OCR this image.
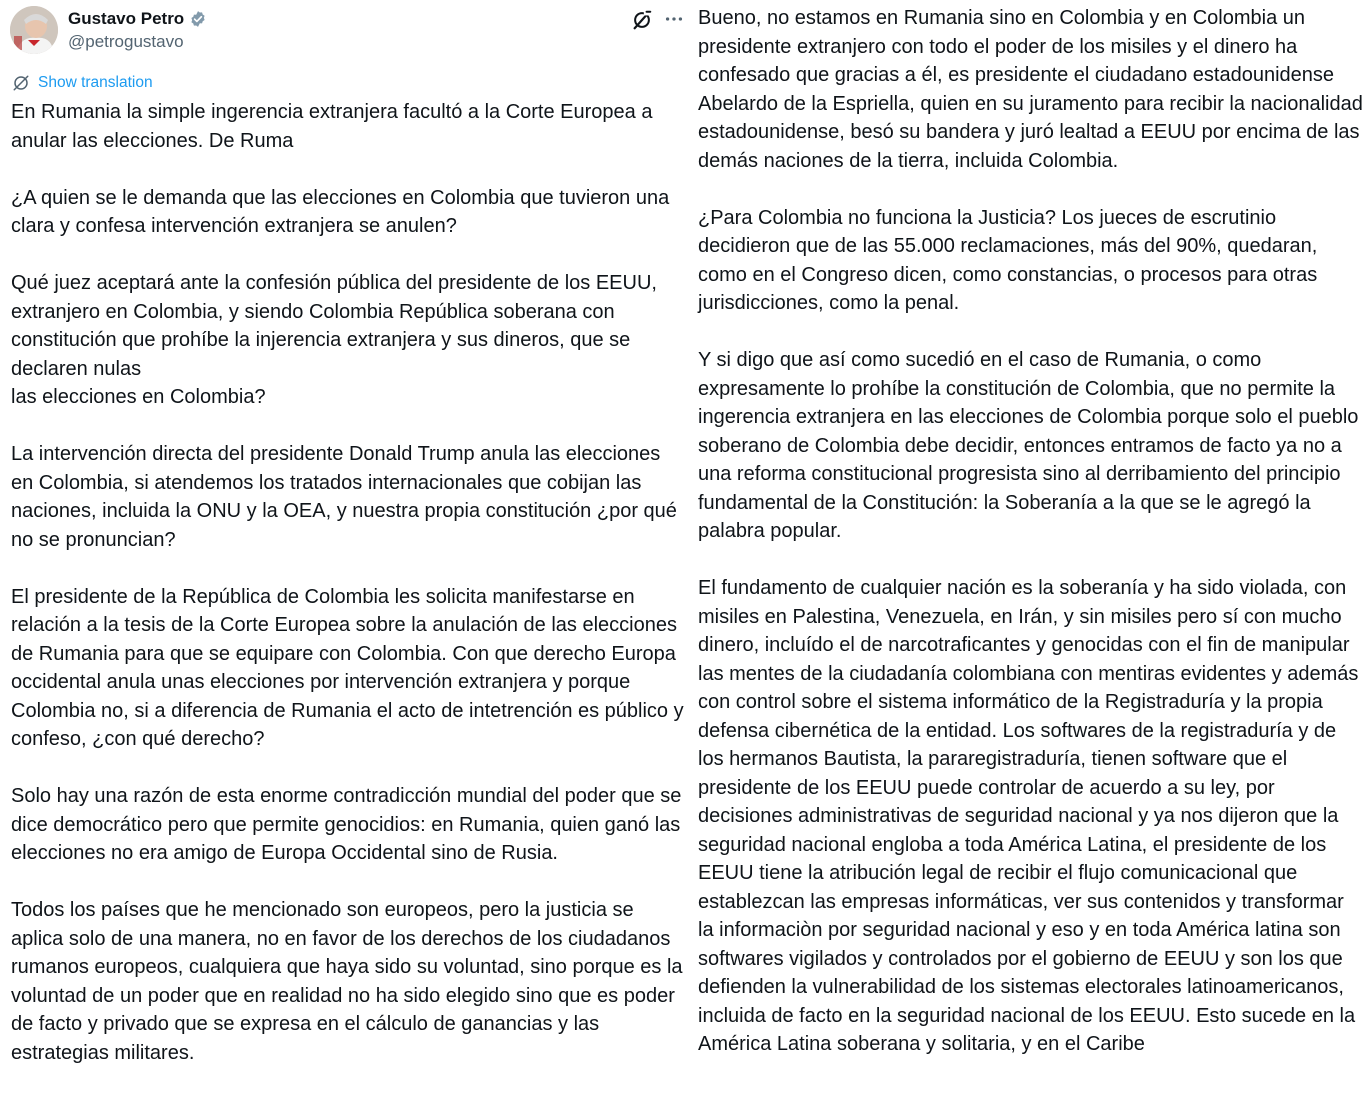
Gustavo Petro
@petrogustavo
Show translation

En Rumania la simple ingerencia extranjera facultó a la Corte Europea a anular las elecciones. De Ruma

¿A quien se le demanda que las elecciones en Colombia que tuvieron una clara y confesa intervención extranjera se anulen?

Qué juez aceptará ante la confesión pública del presidente de los EEUU, extranjero en Colombia, y siendo Colombia República soberana con constitución que prohíbe la injerencia extranjera y sus dineros, que se declaren nulas
las elecciones en Colombia?

La intervención directa del presidente Donald Trump anula las elecciones en Colombia, si atendemos los tratados internacionales que cobijan las naciones, incluida la ONU y la OEA, y nuestra propia constitución ¿por qué no se pronuncian?

El presidente de la República de Colombia les solicita manifestarse en relación a la tesis de la Corte Europea sobre la anulación de las elecciones de Rumania para que se equipare con Colombia. Con que derecho Europa occidental anula unas elecciones por intervención extranjera y porque Colombia no, si a diferencia de Rumania el acto de intetrención es público y confeso, ¿con qué derecho?

Solo hay una razón de esta enorme contradicción mundial del poder que se dice democrático pero que permite genocidios: en Rumania, quien ganó las elecciones no era amigo de Europa Occidental sino de Rusia.

Todos los países que he mencionado son europeos, pero la justicia se aplica solo de una manera, no en favor de los derechos de los ciudadanos rumanos europeos, cualquiera que haya sido su voluntad, sino porque es la voluntad de un poder que en realidad no ha sido elegido sino que es poder de facto y privado que se expresa en el cálculo de ganancias y las estrategias militares.

Bueno, no estamos en Rumania sino en Colombia y en Colombia un presidente extranjero con todo el poder de los misiles y el dinero ha confesado que gracias a él, es presidente el ciudadano estadounidense Abelardo de la Espriella, quien en su juramento para recibir la nacionalidad estadounidense, besó su bandera y juró lealtad a EEUU por encima de las demás naciones de la tierra, incluida Colombia.

¿Para Colombia no funciona la Justicia? Los jueces de escrutinio decidieron que de las 55.000 reclamaciones, más del 90%, quedaran, como en el Congreso dicen, como constancias, o procesos para otras jurisdicciones, como la penal.

Y si digo que así como sucedió en el caso de Rumania, o como expresamente lo prohíbe la constitución de Colombia, que no permite la ingerencia extranjera en las elecciones de Colombia porque solo el pueblo soberano de Colombia debe decidir, entonces entramos de facto ya no a una reforma constitucional progresista sino al derribamiento del principio fundamental de la Constitución: la Soberanía a la que se le agregó la palabra popular.

El fundamento de cualquier nación es la soberanía y ha sido violada, con misiles en Palestina, Venezuela, en Irán, y sin misiles pero sí con mucho dinero, incluído el de narcotraficantes y genocidas con el fin de manipular las mentes de la ciudadanía colombiana con mentiras evidentes y además con control sobre el sistema informático de la Registraduría y la propia defensa cibernética de la entidad. Los softwares de la registraduría y de los hermanos Bautista, la pararegistraduría, tienen software que el presidente de los EEUU puede controlar de acuerdo a su ley, por decisiones administrativas de seguridad nacional y ya nos dijeron que la seguridad nacional engloba a toda América Latina, el presidente de los EEUU tiene la atribución legal de recibir el flujo comunicacional que establezcan las empresas informáticas, ver sus contenidos y transformar la informaciòn por seguridad nacional y eso y en toda América latina son softwares vigilados y controlados por el gobierno de EEUU y son los que defienden la vulnerabilidad de los sistemas electorales latinoamericanos, incluida de facto en la seguridad nacional de los EEUU. Esto sucede en la América Latina soberana y solitaria, y en el Caribe
